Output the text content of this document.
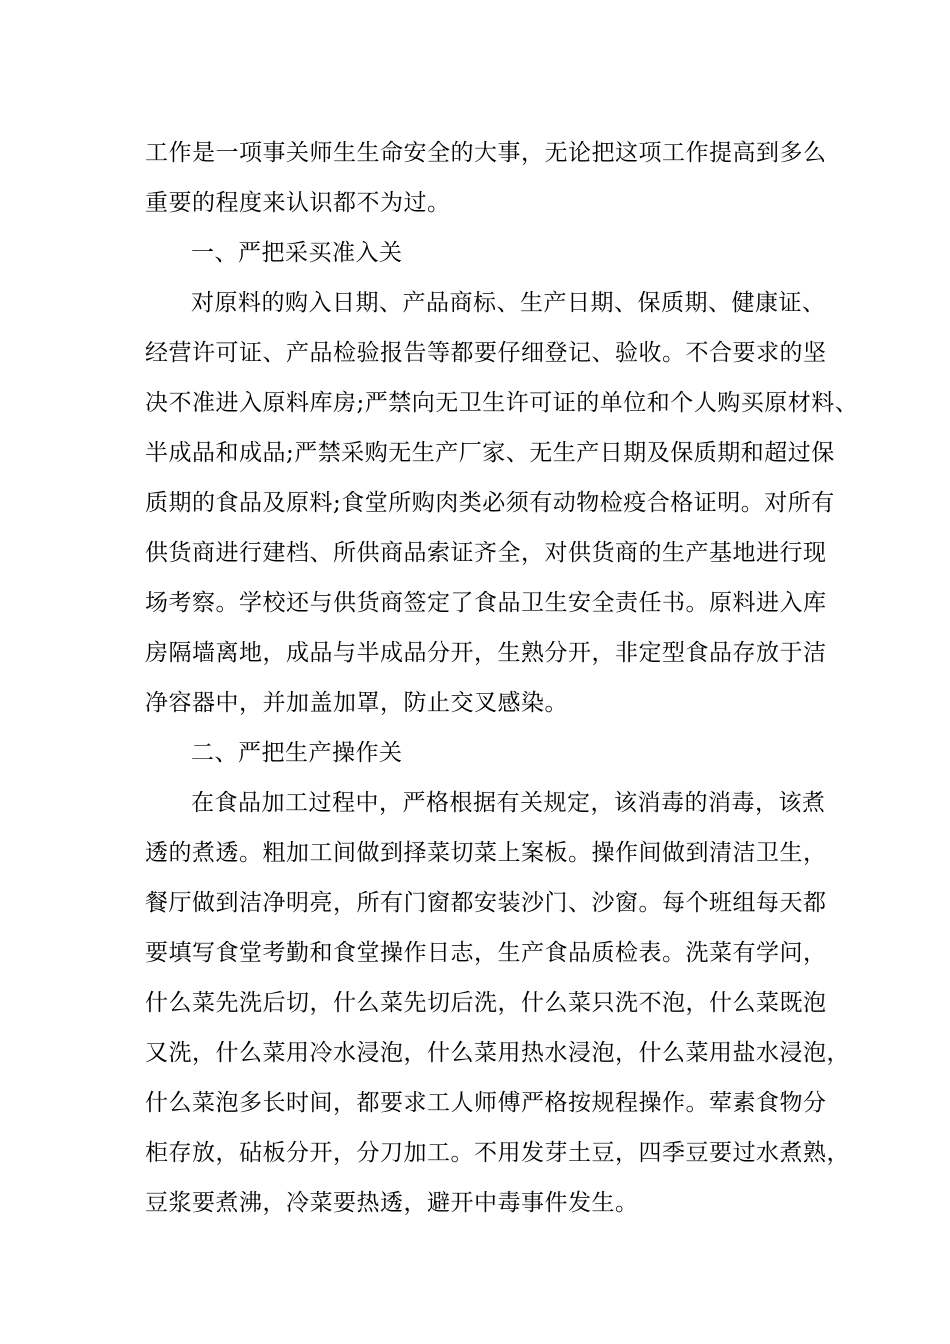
工作是一项事关师生生命安全的大事，无论把这项工作提高到多么
重要的程度来认识都不为过。
一、严把采买准入关
对原料的购入日期、产品商标、生产日期、保质期、健康证、
经营许可证、产品检验报告等都要仔细登记、验收。不合要求的坚
决不准进入原料库房;严禁向无卫生许可证的单位和个人购买原材料、
半成品和成品;严禁采购无生产厂家、无生产日期及保质期和超过保
质期的食品及原料;食堂所购肉类必须有动物检疫合格证明。对所有
供货商进行建档、所供商品索证齐全，对供货商的生产基地进行现
场考察。学校还与供货商签定了食品卫生安全责任书。原料进入库
房隔墙离地，成品与半成品分开，生熟分开，非定型食品存放于洁
净容器中，并加盖加罩，防止交叉感染。
二、严把生产操作关
在食品加工过程中，严格根据有关规定，该消毒的消毒，该煮
透的煮透。粗加工间做到择菜切菜上案板。操作间做到清洁卫生，
餐厅做到洁净明亮，所有门窗都安装沙门、沙窗。每个班组每天都
要填写食堂考勤和食堂操作日志，生产食品质检表。洗菜有学问，
什么菜先洗后切，什么菜先切后洗，什么菜只洗不泡，什么菜既泡
又洗，什么菜用冷水浸泡，什么菜用热水浸泡，什么菜用盐水浸泡，
什么菜泡多长时间，都要求工人师傅严格按规程操作。荤素食物分
柜存放，砧板分开，分刀加工。不用发芽土豆，四季豆要过水煮熟，
豆浆要煮沸，冷菜要热透，避开中毒事件发生。
